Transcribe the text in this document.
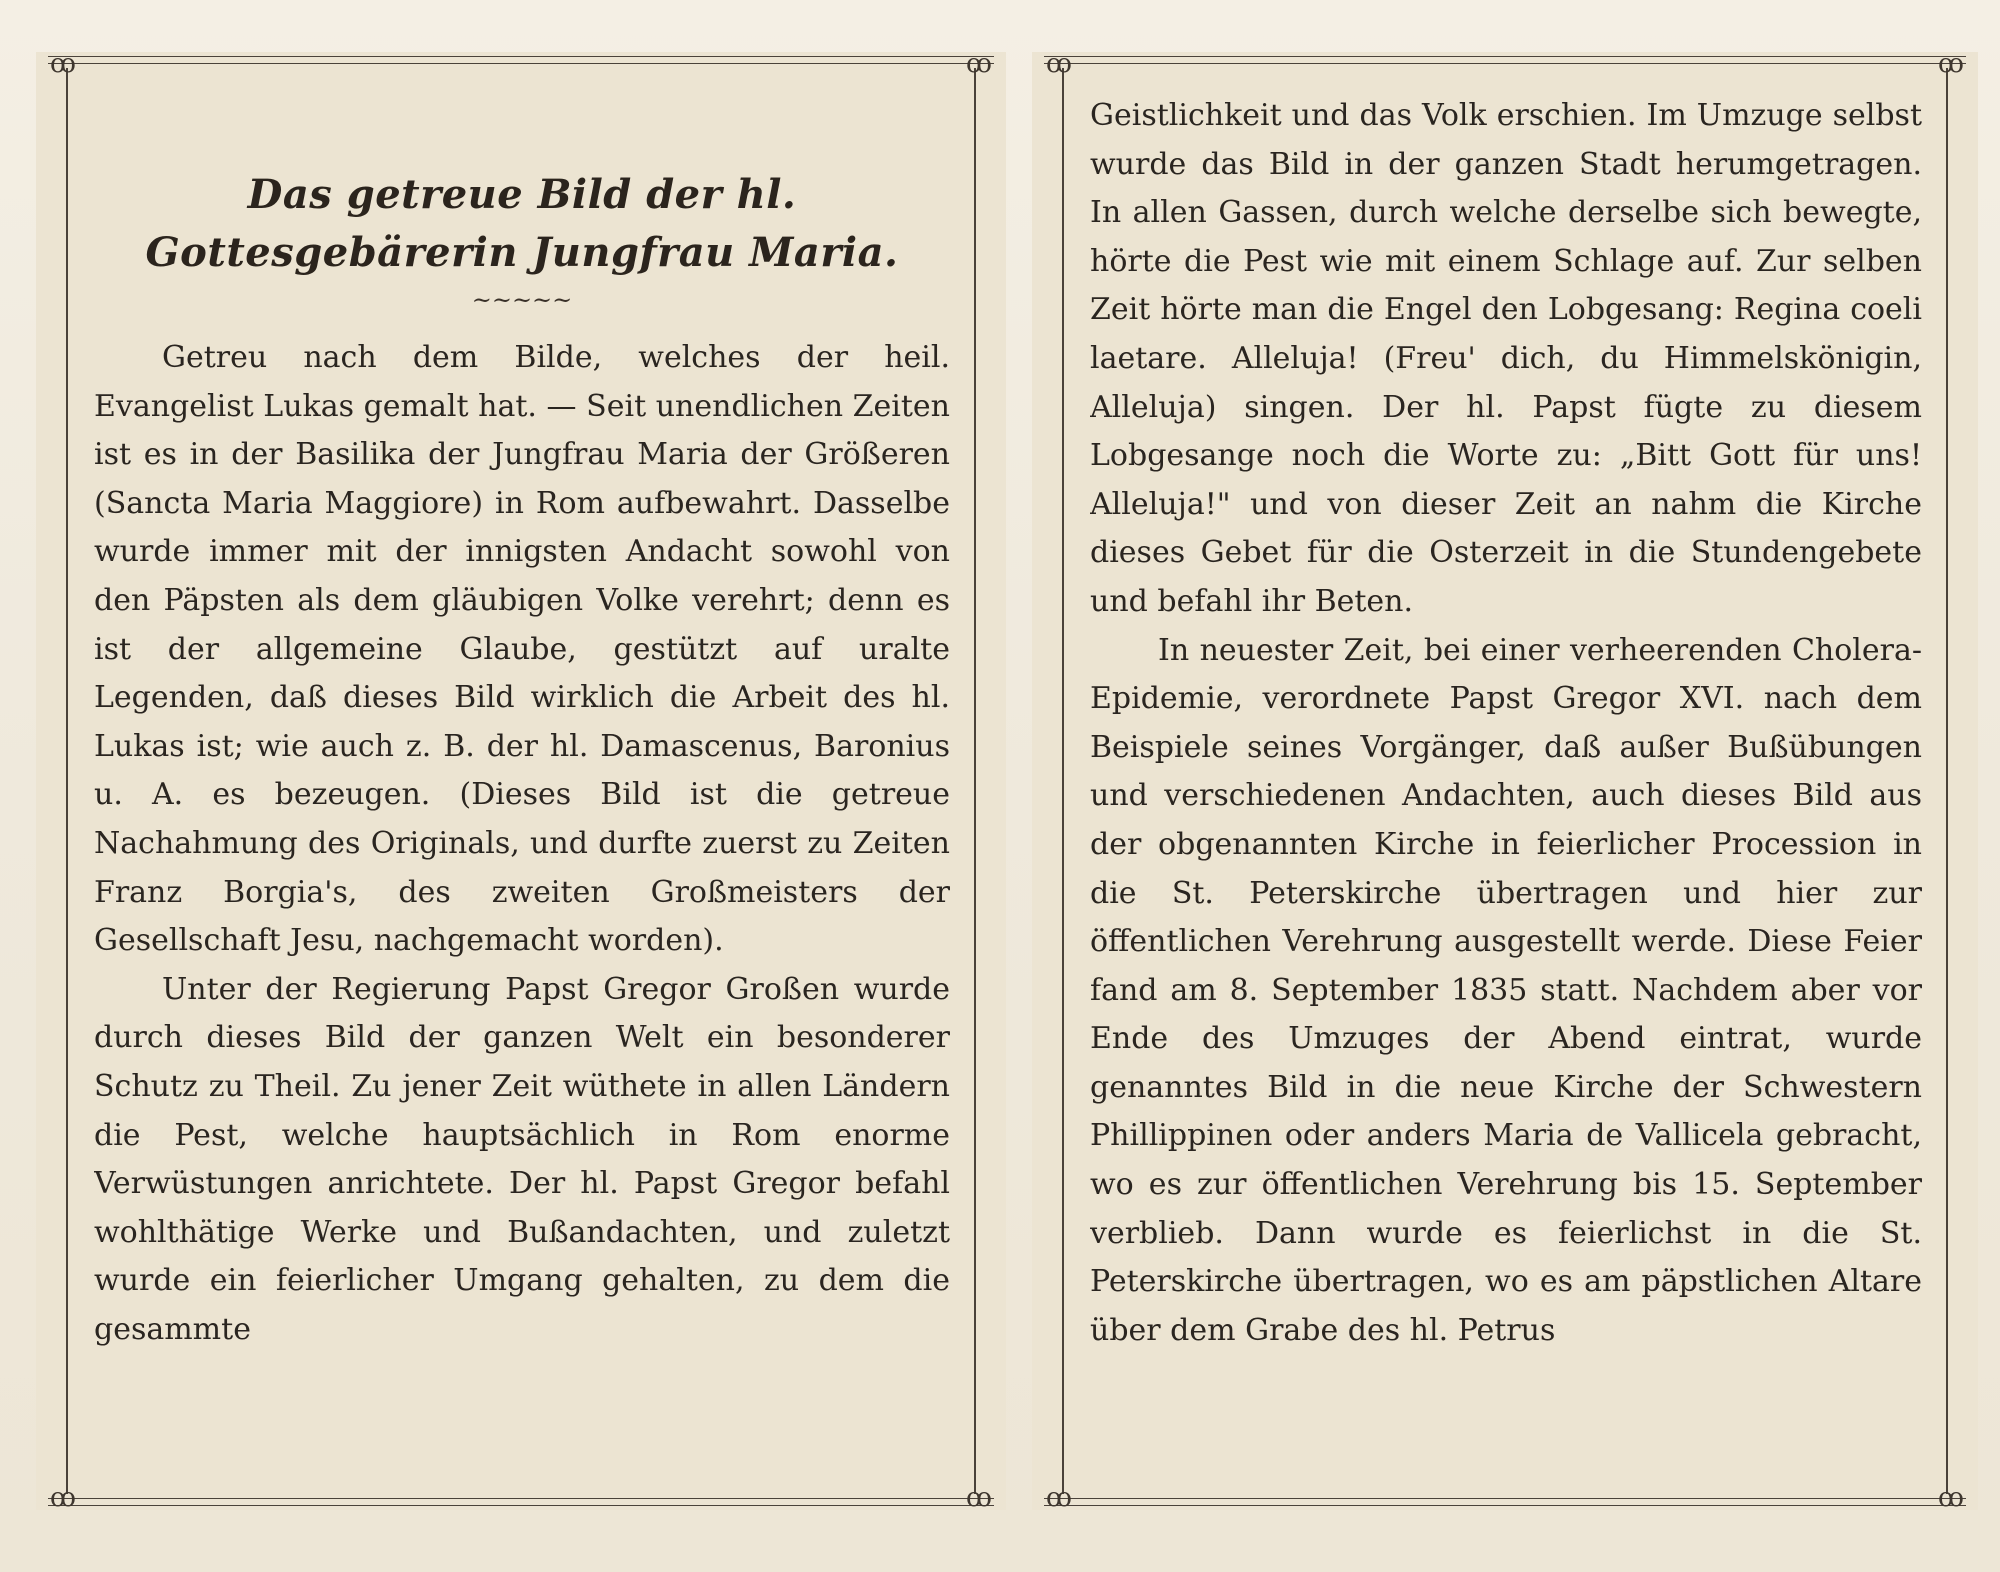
ꝏ	ꝏ
ꝏ	ꝏ
Das getreue Bild der hl. Gottesgebärerin Jungfrau Maria.
~~~~~

Getreu nach dem Bilde, welches der heil. Evangelist Lukas gemalt hat. — Seit unendlichen Zeiten ist es in der Basilika der Jungfrau Maria der Größeren (Sancta Maria Maggiore) in Rom aufbewahrt. Dasselbe wurde immer mit der innigsten Andacht sowohl von den Päpsten als dem gläubigen Volke verehrt; denn es ist der allgemeine Glaube, gestützt auf uralte Legenden, daß dieses Bild wirklich die Arbeit des hl. Lukas ist; wie auch z. B. der hl. Damascenus, Baronius u. A. es bezeugen. (Dieses Bild ist die getreue Nachahmung des Originals, und durfte zuerst zu Zeiten Franz Borgia's, des zweiten Großmeisters der Gesellschaft Jesu, nachgemacht worden).

Unter der Regierung Papst Gregor Großen wurde durch dieses Bild der ganzen Welt ein besonderer Schutz zu Theil. Zu jener Zeit wüthete in allen Ländern die Pest, welche hauptsächlich in Rom enorme Verwüstungen anrichtete. Der hl. Papst Gregor befahl wohlthätige Werke und Bußandachten, und zuletzt wurde ein feierlicher Umgang gehalten, zu dem die gesammte

ꝏ	ꝏ
ꝏ	ꝏ

Geistlichkeit und das Volk erschien. Im Umzuge selbst wurde das Bild in der ganzen Stadt herumgetragen. In allen Gassen, durch welche derselbe sich bewegte, hörte die Pest wie mit einem Schlage auf. Zur selben Zeit hörte man die Engel den Lobgesang: Regina coeli laetare. Alleluja! (Freu' dich, du Himmelskönigin, Alleluja) singen. Der hl. Papst fügte zu diesem Lobgesange noch die Worte zu: „Bitt Gott für uns! Alleluja!" und von dieser Zeit an nahm die Kirche dieses Gebet für die Osterzeit in die Stundengebete und befahl ihr Beten.

In neuester Zeit, bei einer verheerenden Cholera-Epidemie, verordnete Papst Gregor XVI. nach dem Beispiele seines Vorgänger, daß außer Bußübungen und verschiedenen Andachten, auch dieses Bild aus der obgenannten Kirche in feierlicher Procession in die St. Peterskirche übertragen und hier zur öffentlichen Verehrung ausgestellt werde. Diese Feier fand am 8. September 1835 statt. Nachdem aber vor Ende des Umzuges der Abend eintrat, wurde genanntes Bild in die neue Kirche der Schwestern Phillippinen oder anders Maria de Vallicela gebracht, wo es zur öffentlichen Verehrung bis 15. September verblieb. Dann wurde es feierlichst in die St. Peterskirche übertragen, wo es am päpstlichen Altare über dem Grabe des hl. Petrus
